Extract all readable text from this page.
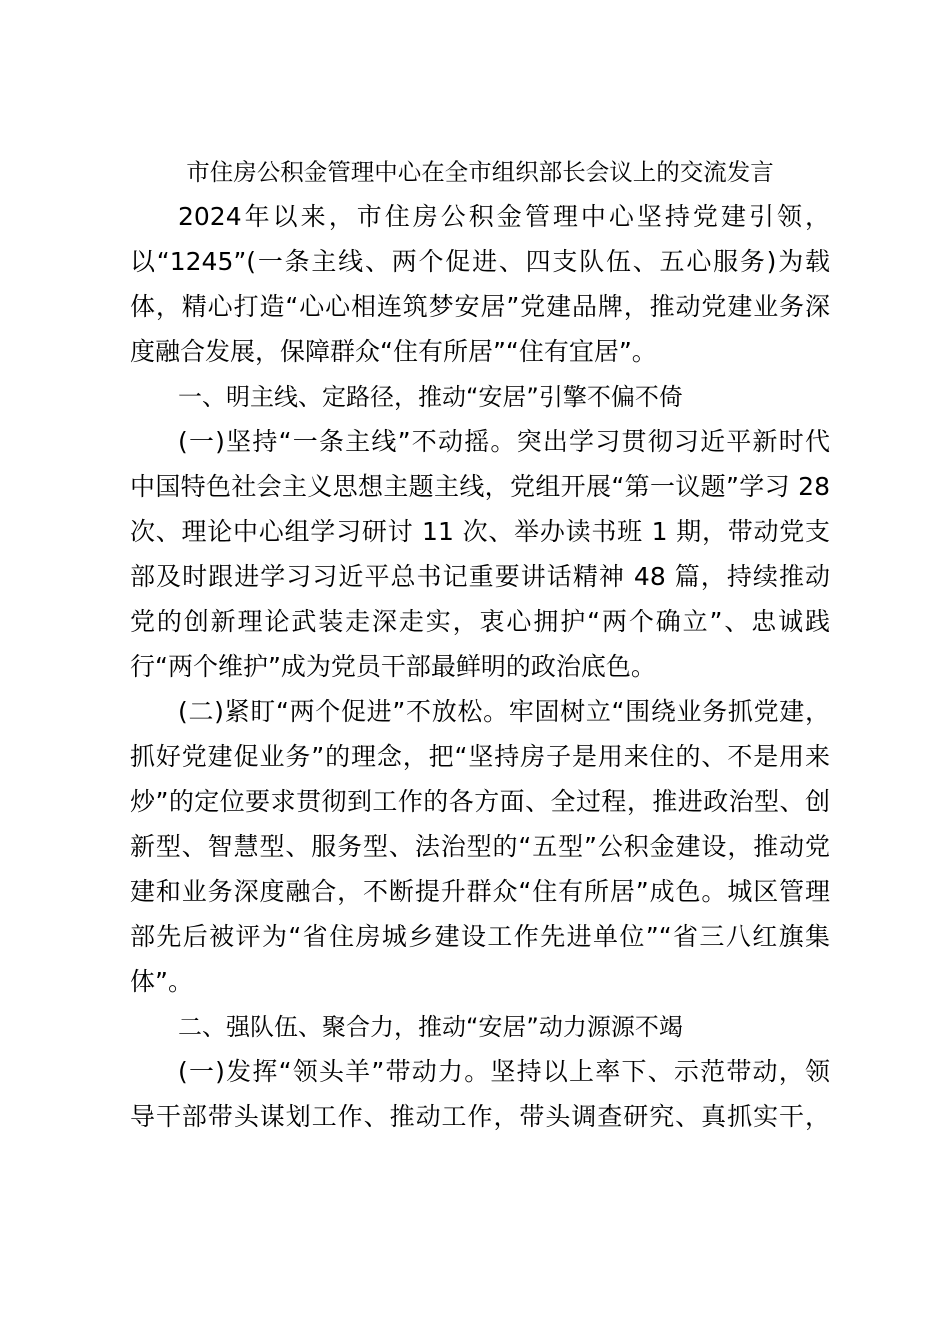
市住房公积金管理中心在全市组织部长会议上的交流发言
2024年以来，市住房公积金管理中心坚持党建引领，
以“1245”(一条主线、两个促进、四支队伍、五心服务)为载
体，精心打造“心心相连筑梦安居”党建品牌，推动党建业务深
度融合发展，保障群众“住有所居”“住有宜居”。
一、明主线、定路径，推动“安居”引擎不偏不倚
(一)坚持“一条主线”不动摇。突出学习贯彻习近平新时代
中国特色社会主义思想主题主线，党组开展“第一议题”学习 28
次、理论中心组学习研讨 11 次、举办读书班 1 期，带动党支
部及时跟进学习习近平总书记重要讲话精神 48 篇，持续推动
党的创新理论武装走深走实，衷心拥护“两个确立”、忠诚践
行“两个维护”成为党员干部最鲜明的政治底色。
(二)紧盯“两个促进”不放松。牢固树立“围绕业务抓党建，
抓好党建促业务”的理念，把“坚持房子是用来住的、不是用来
炒”的定位要求贯彻到工作的各方面、全过程，推进政治型、创
新型、智慧型、服务型、法治型的“五型”公积金建设，推动党
建和业务深度融合，不断提升群众“住有所居”成色。城区管理
部先后被评为“省住房城乡建设工作先进单位”“省三八红旗集
体”。
二、强队伍、聚合力，推动“安居”动力源源不竭
(一)发挥“领头羊”带动力。坚持以上率下、示范带动，领
导干部带头谋划工作、推动工作，带头调查研究、真抓实干，
